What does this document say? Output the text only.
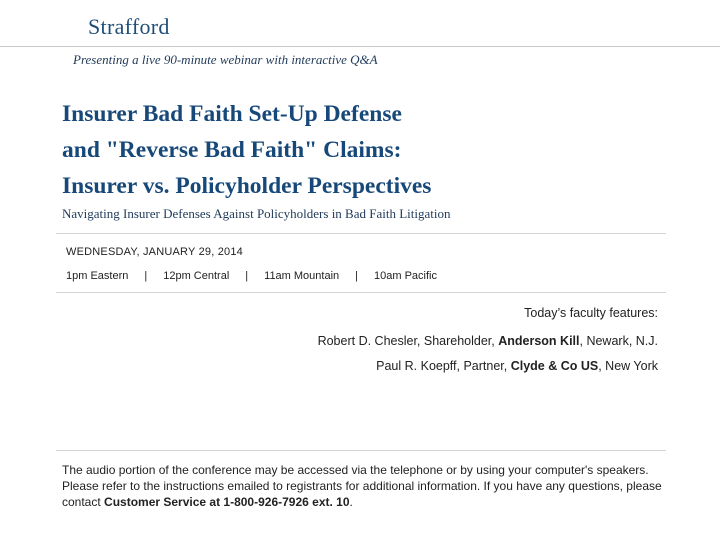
Strafford
Presenting a live 90-minute webinar with interactive Q&A
Insurer Bad Faith Set-Up Defense
and "Reverse Bad Faith" Claims:
Insurer vs. Policyholder Perspectives
Navigating Insurer Defenses Against Policyholders in Bad Faith Litigation
WEDNESDAY, JANUARY 29, 2014
1pm Eastern | 12pm Central | 11am Mountain | 10am Pacific
Today’s faculty features:
Robert D. Chesler, Shareholder, Anderson Kill, Newark, N.J.
Paul R. Koepff, Partner, Clyde & Co US, New York
The audio portion of the conference may be accessed via the telephone or by using your computer's speakers. Please refer to the instructions emailed to registrants for additional information. If you have any questions, please contact Customer Service at 1-800-926-7926 ext. 10.
